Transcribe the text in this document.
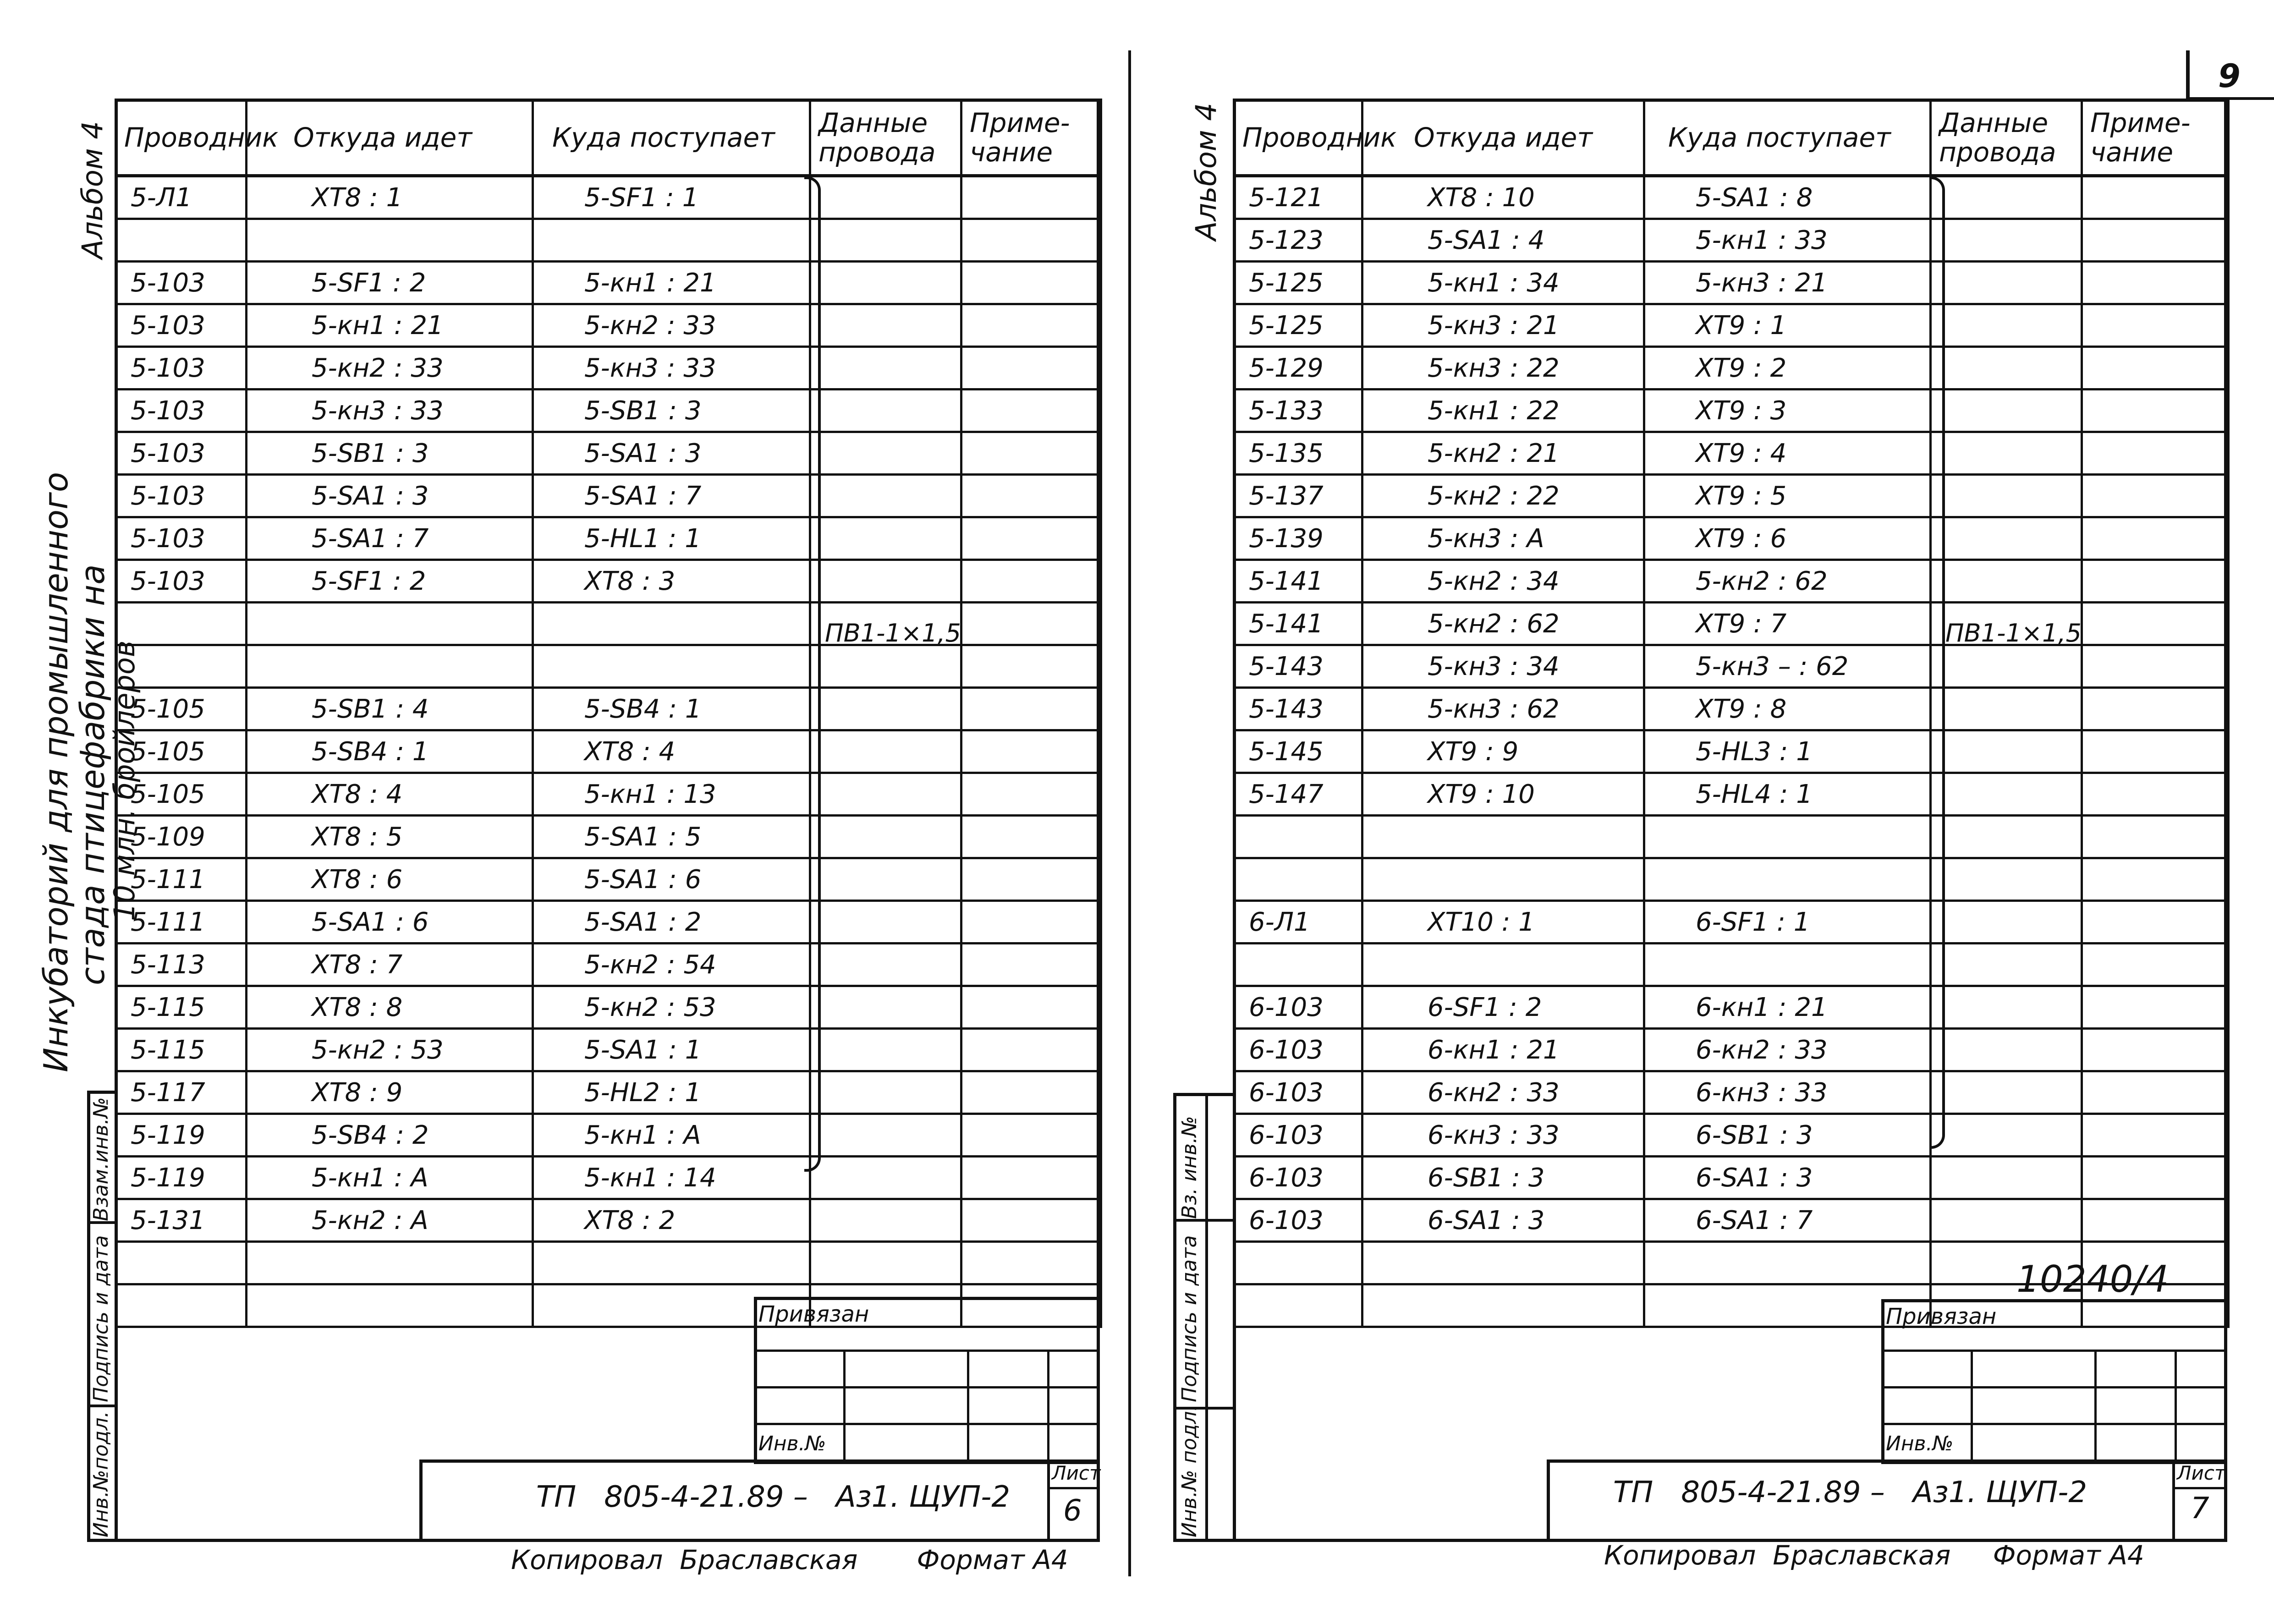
9
Взам.инв.№
Подпись и дата
Инв.№подл.
Альбом 4
Инкубаторий для промышленного
стада птицефабрики на
10 млн. бройлеров
Проводник	Откуда идет	Куда поступает	Данные провода	Приме- чание
5-Л1	XT8 : 1	5-SF1 : 1		

5-103	5-SF1 : 2	5-кн1 : 21		
5-103	5-кн1 : 21	5-кн2 : 33		
5-103	5-кн2 : 33	5-кн3 : 33		
5-103	5-кн3 : 33	5-SB1 : 3		
5-103	5-SB1 : 3	5-SA1 : 3		
5-103	5-SA1 : 3	5-SA1 : 7		
5-103	5-SA1 : 7	5-HL1 : 1		
5-103	5-SF1 : 2	XT8 : 3		

5-105	5-SB1 : 4	5-SB4 : 1		
5-105	5-SB4 : 1	XT8 : 4		
5-105	XT8 : 4	5-кн1 : 13		
5-109	XT8 : 5	5-SA1 : 5		
5-111	XT8 : 6	5-SA1 : 6		
5-111	5-SA1 : 6	5-SA1 : 2		
5-113	XT8 : 7	5-кн2 : 54		
5-115	XT8 : 8	5-кн2 : 53		
5-115	5-кн2 : 53	5-SA1 : 1		
5-117	XT8 : 9	5-HL2 : 1		
5-119	5-SB4 : 2	5-кн1 : A		
5-119	5-кн1 : A	5-кн1 : 14		
5-131	5-кн2 : A	XT8 : 2		

ПВ1-1×1,5
Привязан
Инв.№
ТП   805-4-21.89 –   Аз1. ЩУП-2
Лист
6
Копировал  Браславская       Формат А4
Вз. инв.№
Подпись и дата
Инв.№ подл.
Альбом 4 Проводник	Откуда идет	Куда поступает	Данные провода	Приме- чание
5-121	XT8 : 10	5-SA1 : 8		
5-123	5-SA1 : 4	5-кн1 : 33		
5-125	5-кн1 : 34	5-кн3 : 21		
5-125	5-кн3 : 21	XT9 : 1		
5-129	5-кн3 : 22	XT9 : 2		
5-133	5-кн1 : 22	XT9 : 3		
5-135	5-кн2 : 21	XT9 : 4		
5-137	5-кн2 : 22	XT9 : 5		
5-139	5-кн3 : A	XT9 : 6		
5-141	5-кн2 : 34	5-кн2 : 62		
5-141	5-кн2 : 62	XT9 : 7		
5-143	5-кн3 : 34	5-кн3 – : 62		
5-143	5-кн3 : 62	XT9 : 8		
5-145	XT9 : 9	5-HL3 : 1		
5-147	XT9 : 10	5-HL4 : 1		

6-Л1	XT10 : 1	6-SF1 : 1		

6-103	6-SF1 : 2	6-кн1 : 21		
6-103	6-кн1 : 21	6-кн2 : 33		
6-103	6-кн2 : 33	6-кн3 : 33		
6-103	6-кн3 : 33	6-SB1 : 3		
6-103	6-SB1 : 3	6-SA1 : 3		
6-103	6-SA1 : 3	6-SA1 : 7		

ПВ1-1×1,5
10240/4
Привязан
Инв.№
ТП   805-4-21.89 –   Аз1. ЩУП-2
Лист
7
Копировал  Браславская     Формат А4
